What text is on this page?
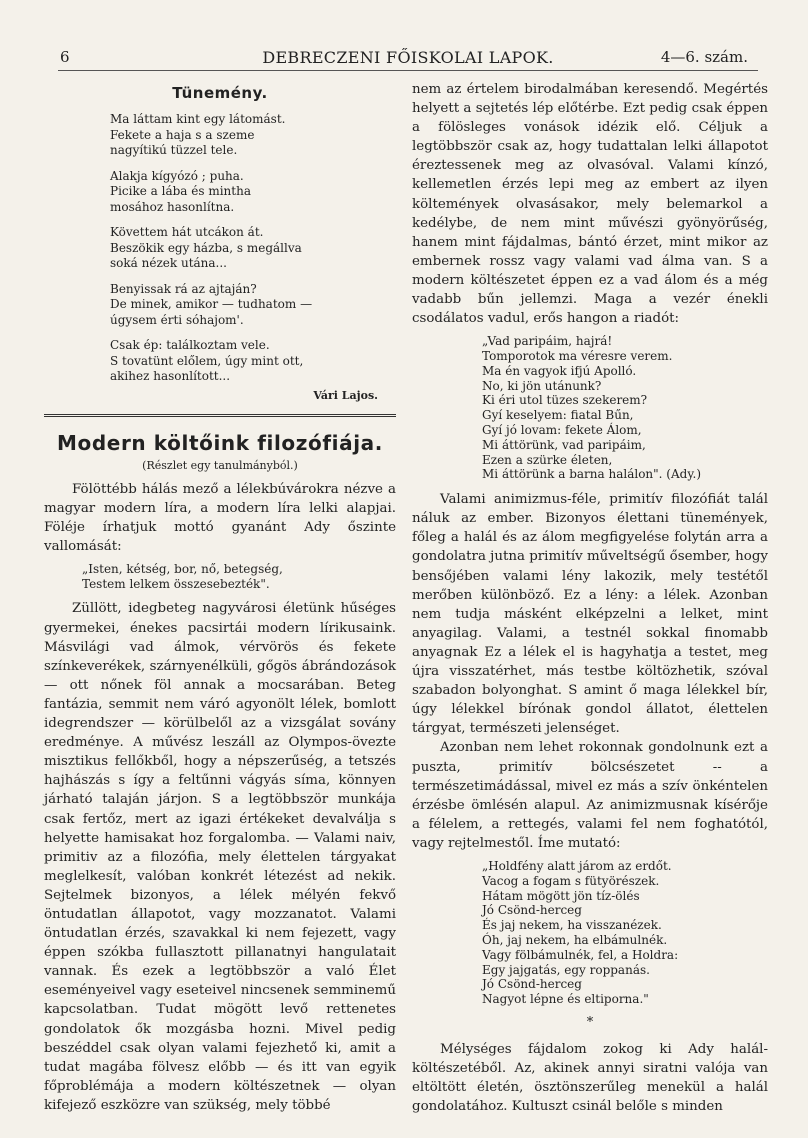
6	DEBRECZENI FŐISKOLAI LAPOK.	4—6. szám.
Tünemény.
Ma láttam kint egy látomást.
Fekete a haja s a szeme
nagyítikú tüzzel tele.
Alakja kígyózó ; puha.
Picike a lába és mintha
mosához hasonlítna.
Követtem hát utcákon át.
Beszökik egy házba, s megállva
soká nézek utána...
Benyissak rá az ajtaján?
De minek, amikor — tudhatom —
úgysem érti sóhajom'.
Csak ép: találkoztam vele.
S tovatünt előlem, úgy mint ott,
akihez hasonlított...
Vári Lajos.
Modern költőink filozófiája.
(Részlet egy tanulmányból.)

Fölöttébb hálás mező a lélekbúvárokra nézve a magyar modern líra, a modern líra lelki alapjai. Föléje írhatjuk mottó gyanánt Ady őszinte vallomását:

„Isten, kétség, bor, nő, betegség,
Testem lelkem összesebezték".

Züllött, idegbeteg nagyvárosi életünk hűséges gyermekei, énekes pacsirtái modern lírikusaink. Másvilági vad álmok, vérvörös és fekete színkeverékek, szárnyenélküli, gőgös ábrándozások — ott nőnek föl annak a mocsarában. Beteg fantázia, semmit nem váró agyonölt lélek, bomlott idegrendszer — körülbelől az a vizsgálat sovány eredménye. A művész leszáll az Olympos-övezte misztikus fellőkből, hogy a népszerűség, a tetszés hajhászás s így a feltűnni vágyás síma, könnyen járható talaján járjon. S a legtöbbször munkája csak fertőz, mert az igazi értékeket devalválja s helyette hamisakat hoz forgalomba. — Valami naiv, primitiv az a filozófia, mely élettelen tárgyakat meglelkesít, valóban konkrét létezést ad nekik. Sejtelmek bizonyos, a lélek mélyén fekvő öntudatlan állapotot, vagy mozzanatot. Valami öntudatlan érzés, szavakkal ki nem fejezett, vagy éppen szókba fullasztott pillanatnyi hangulatait vannak. És ezek a legtöbbször a való Élet eseményeivel vagy eseteivel nincsenek semminemű kapcsolatban. Tudat mögött levő rettenetes gondolatok ők mozgásba hozni. Mivel pedig beszéddel csak olyan valami fejezhető ki, amit a tudat magába fölvesz előbb — és itt van egyik főproblémája a modern költészetnek — olyan kifejező eszközre van szükség, mely többé

nem az értelem birodalmában keresendő. Megértés helyett a sejtetés lép előtérbe. Ezt pedig csak éppen a fölösleges vonások idézik elő. Céljuk a legtöbbször csak az, hogy tudattalan lelki állapotot éreztessenek meg az olvasóval. Valami kínzó, kellemetlen érzés lepi meg az embert az ilyen költemények olvasásakor, mely belemarkol a kedélybe, de nem mint művészi gyönyörűség, hanem mint fájdalmas, bántó érzet, mint mikor az embernek rossz vagy valami vad álma van. S a modern költészetet éppen ez a vad álom és a még vadabb bűn jellemzi. Maga a vezér énekli csodálatos vadul, erős hangon a riadót:

„Vad paripáim, hajrá!
Tomporotok ma véresre verem.
Ma én vagyok ifjú Apolló.
No, ki jön utánunk?
Ki éri utol tüzes szekerem?
Gyí keselyem: fiatal Bűn,
Gyí jó lovam: fekete Álom,
Mi áttörünk, vad paripáim,
Ezen a szürke életen,
Mi áttörünk a barna halálon". (Ady.)

Valami animizmus-féle, primitív filozófiát talál náluk az ember. Bizonyos élettani tünemények, főleg a halál és az álom megfigyelése folytán arra a gondolatra jutna primitív műveltségű ősember, hogy bensőjében valami lény lakozik, mely testétől merőben különböző. Ez a lény: a lélek. Azonban nem tudja másként elképzelni a lelket, mint anyagilag. Valami, a testnél sokkal finomabb anyagnak Ez a lélek el is hagyhatja a testet, meg újra visszatérhet, más testbe költözhetik, szóval szabadon bolyonghat. S amint ő maga lélekkel bír, úgy lélekkel bírónak gondol állatot, élettelen tárgyat, természeti jelenséget.

Azonban nem lehet rokonnak gondolnunk ezt a puszta, primitív bölcsészetet -- a természetimádással, mivel ez más a szív önkéntelen érzésbe ömlésén alapul. Az animizmusnak kísérője a félelem, a rettegés, valami fel nem foghatótól, vagy rejtelmestől. Íme mutató:

„Holdfény alatt járom az erdőt.
Vacog a fogam s fütyörészek.
Hátam mögött jön tíz-ölés
Jó Csönd-herceg
És jaj nekem, ha visszanézek.
Óh, jaj nekem, ha elbámulnék.
Vagy fölbámulnék, fel, a Holdra:
Egy jajgatás, egy roppanás.
Jó Csönd-herceg
Nagyot lépne és eltiporna."
*

Mélységes fájdalom zokog ki Ady halál-költészetéből. Az, akinek annyi siratni valója van eltöltött életén, ösztönszerűleg menekül a halál gondolatához. Kultuszt csinál belőle s minden
